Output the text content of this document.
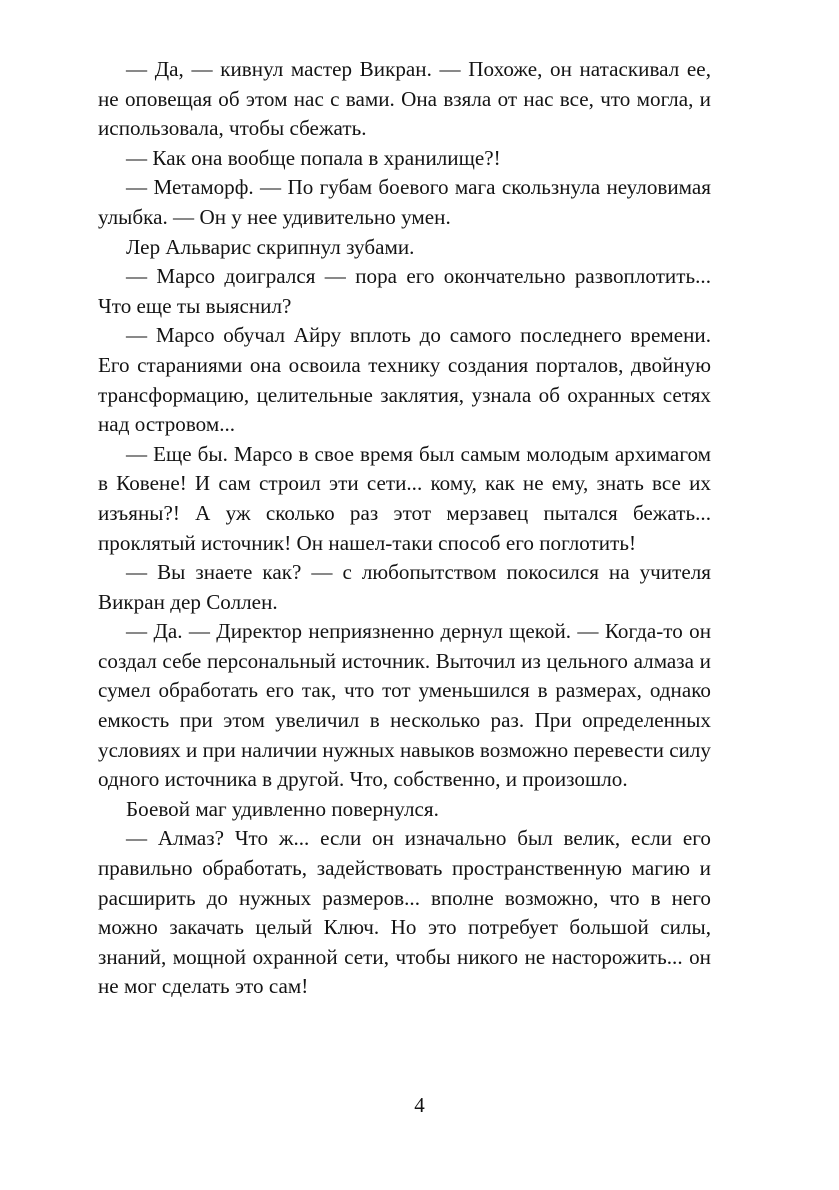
— Да, — кивнул мастер Викран. — Похоже, он натаскивал ее, не оповещая об этом нас с вами. Она взяла от нас все, что могла, и использовала, чтобы сбежать.

— Как она вообще попала в хранилище?!

— Метаморф. — По губам боевого мага скользнула неуловимая улыбка. — Он у нее удивительно умен.

Лер Альварис скрипнул зубами.

— Марсо доигрался — пора его окончательно развоплотить... Что еще ты выяснил?

— Марсо обучал Айру вплоть до самого последнего времени. Его стараниями она освоила технику создания порталов, двойную трансформацию, целительные заклятия, узнала об охранных сетях над островом...

— Еще бы. Марсо в свое время был самым молодым архимагом в Ковене! И сам строил эти сети... кому, как не ему, знать все их изъяны?! А уж сколько раз этот мерзавец пытался бежать... проклятый источник! Он нашел-таки способ его поглотить!

— Вы знаете как? — с любопытством покосился на учителя Викран дер Соллен.

— Да. — Директор неприязненно дернул щекой. — Когда-то он создал себе персональный источник. Выточил из цельного алмаза и сумел обработать его так, что тот уменьшился в размерах, однако емкость при этом увеличил в несколько раз. При определенных условиях и при наличии нужных навыков возможно перевести силу одного источника в другой. Что, собственно, и произошло.

Боевой маг удивленно повернулся.

— Алмаз? Что ж... если он изначально был велик, если его правильно обработать, задействовать пространственную магию и расширить до нужных размеров... вполне возможно, что в него можно закачать целый Ключ. Но это потребует большой силы, знаний, мощной охранной сети, чтобы никого не насторожить... он не мог сделать это сам!

4
